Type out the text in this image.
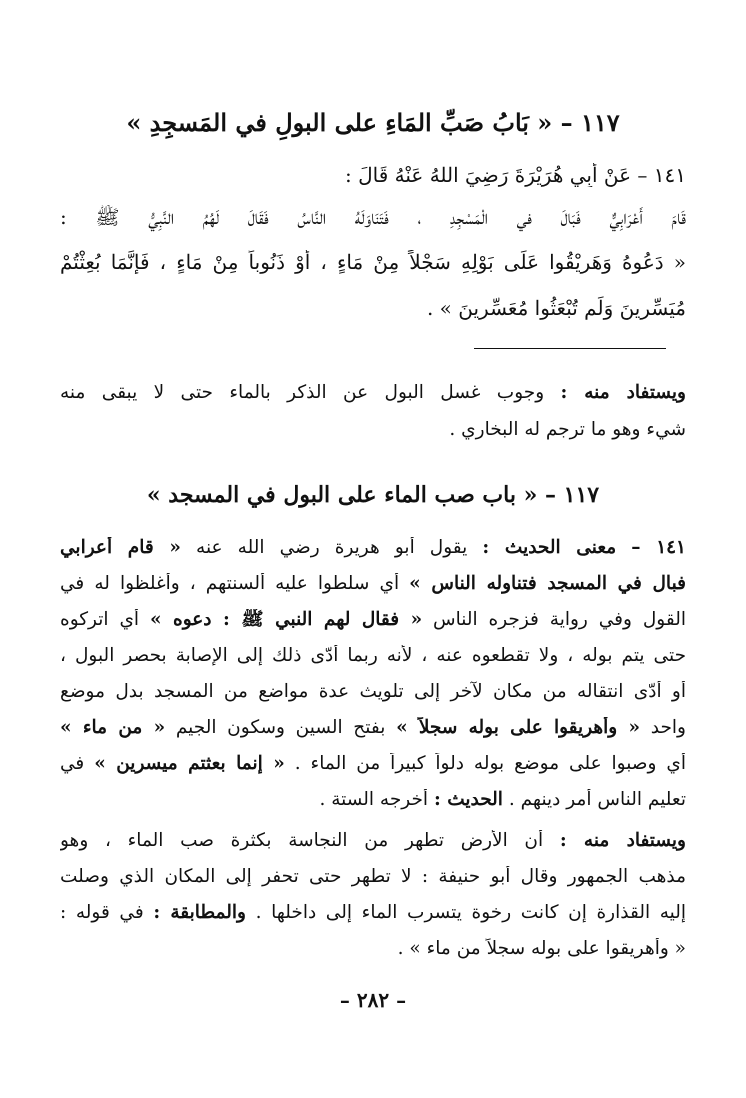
١١٧ – « بَابُ صَبِّ المَاءِ على البولِ في المَسجِدِ »
١٤١ – عَنْ أَبِي هُرَيْرَةَ رَضِيَ اللهُ عَنْهُ قَالَ :
قَامَ أَعْرَابِيٌّ فَبَالَ في الْمَسْجِدِ ، فَتَنَاوَلَهُ النَّاسُ فَقَالَ لَهُمُ النَّبِيُّ ﷺ :
« دَعُوهُ وَهَرِيْقُوا عَلَى بَوْلِهِ سَجْلاً مِنْ مَاءٍ ، أَوْ ذَنُوباً مِنْ مَاءٍ ، فَإِنَّمَا بُعِثْتُمْ
مُيَسِّرِينَ وَلَم تُبْعَثُوا مُعَسِّرِينَ » .
ويستفاد منه : وجوب غسل البول عن الذكر بالماء حتى لا يبقى منه
شيء وهو ما ترجم له البخاري .
١١٧ – « باب صب الماء على البول في المسجد »
١٤١ – معنى الحديث : يقول أبو هريرة رضي الله عنه « قام أعرابي
فبال في المسجد فتناوله الناس » أي سلطوا عليه ألسنتهم ، وأغلظوا له في
القول وفي رواية فزجره الناس « فقال لهم النبي ﷺ : دعوه » أي اتركوه
حتى يتم بوله ، ولا تقطعوه عنه ، لأنه ربما أدّى ذلك إلى الإصابة بحصر البول ،
أو أدّى انتقاله من مكان لآخر إلى تلويث عدة مواضع من المسجد بدل موضع
واحد « وأهريقوا على بوله سجلاً » بفتح السين وسكون الجيم « من ماء »
أي وصبوا على موضع بوله دلواً كبيراً من الماء . « إنما بعثتم ميسرين » في
تعليم الناس أمر دينهم . الحديث : أخرجه الستة .
ويستفاد منه : أن الأرض تطهر من النجاسة بكثرة صب الماء ، وهو
مذهب الجمهور وقال أبو حنيفة : لا تطهر حتى تحفر إلى المكان الذي وصلت
إليه القذارة إن كانت رخوة يتسرب الماء إلى داخلها . والمطابقة : في قوله :
« وأهريقوا على بوله سجلاً من ماء » .
– ٢٨٢ –
